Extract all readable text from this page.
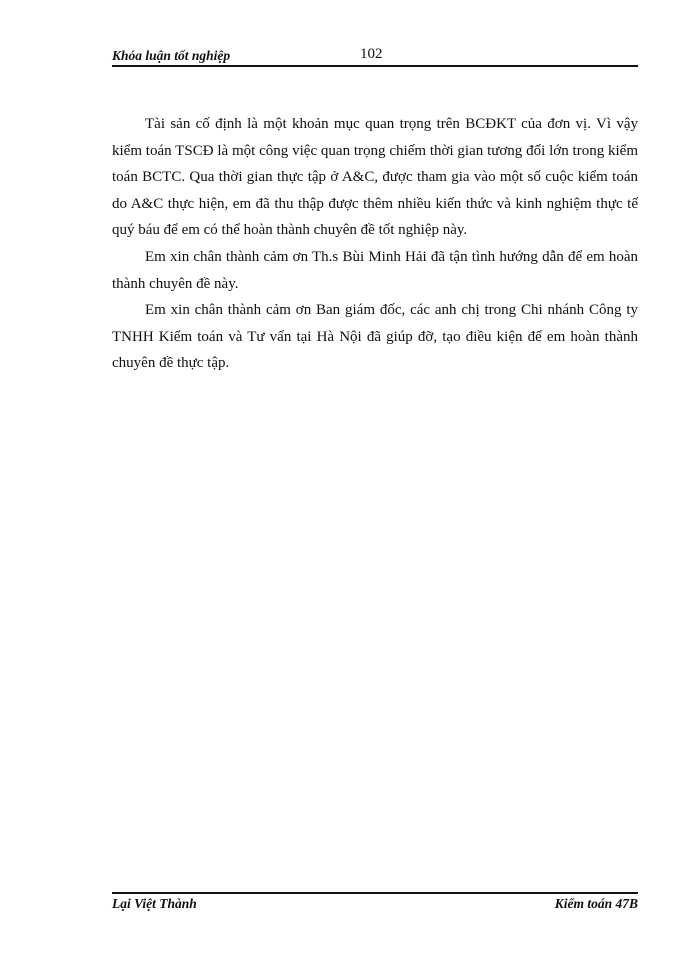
Khóa luận tốt nghiệp	102

Tài sản cố định là một khoản mục quan trọng trên BCĐKT của đơn vị. Vì vậy kiểm toán TSCĐ là một công việc quan trọng chiếm thời gian tương đối lớn trong kiểm toán BCTC. Qua thời gian thực tập ở A&C, được tham gia vào một số cuộc kiểm toán do A&C thực hiện, em đã thu thập được thêm nhiều kiến thức và kinh nghiệm thực tế quý báu để em có thể hoàn thành chuyên đề tốt nghiệp này.

Em xin chân thành cảm ơn Th.s Bùi Minh Hải đã tận tình hướng dẫn để em hoàn thành chuyên đề này.

Em xin chân thành cảm ơn Ban giám đốc, các anh chị trong Chi nhánh Công ty TNHH Kiểm toán và Tư vấn tại Hà Nội đã giúp đỡ, tạo điều kiện để em hoàn thành chuyên đề thực tập.

Lại Việt Thành	Kiểm toán 47B
